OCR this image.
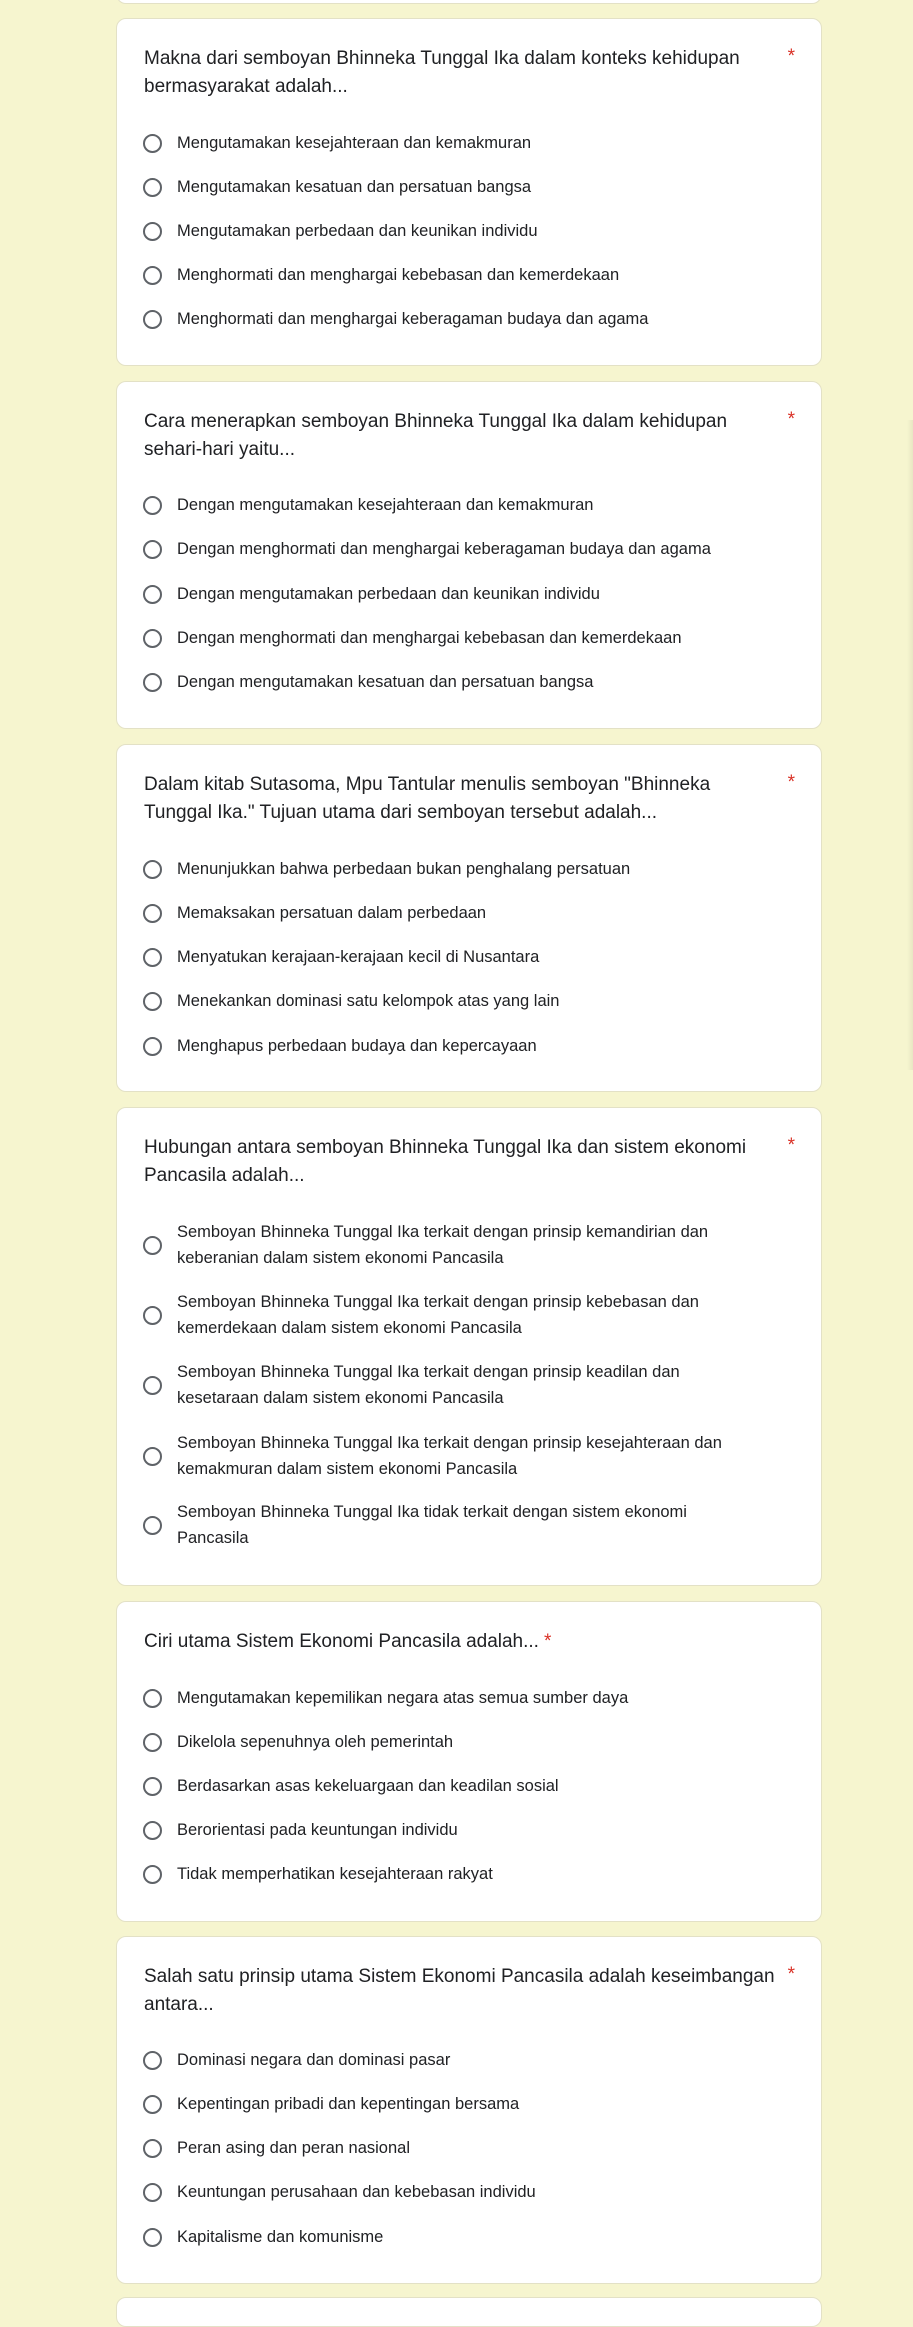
*
Makna dari semboyan Bhinneka Tunggal Ika dalam konteks kehidupan
bermasyarakat adalah...
Mengutamakan kesejahteraan dan kemakmuran
Mengutamakan kesatuan dan persatuan bangsa
Mengutamakan perbedaan dan keunikan individu
Menghormati dan menghargai kebebasan dan kemerdekaan
Menghormati dan menghargai keberagaman budaya dan agama
*
Cara menerapkan semboyan Bhinneka Tunggal Ika dalam kehidupan
sehari-hari yaitu...
Dengan mengutamakan kesejahteraan dan kemakmuran
Dengan menghormati dan menghargai keberagaman budaya dan agama
Dengan mengutamakan perbedaan dan keunikan individu
Dengan menghormati dan menghargai kebebasan dan kemerdekaan
Dengan mengutamakan kesatuan dan persatuan bangsa
*
Dalam kitab Sutasoma, Mpu Tantular menulis semboyan "Bhinneka
Tunggal Ika." Tujuan utama dari semboyan tersebut adalah...
Menunjukkan bahwa perbedaan bukan penghalang persatuan
Memaksakan persatuan dalam perbedaan
Menyatukan kerajaan-kerajaan kecil di Nusantara
Menekankan dominasi satu kelompok atas yang lain
Menghapus perbedaan budaya dan kepercayaan
*
Hubungan antara semboyan Bhinneka Tunggal Ika dan sistem ekonomi
Pancasila adalah...
Semboyan Bhinneka Tunggal Ika terkait dengan prinsip kemandirian dan
keberanian dalam sistem ekonomi Pancasila
Semboyan Bhinneka Tunggal Ika terkait dengan prinsip kebebasan dan
kemerdekaan dalam sistem ekonomi Pancasila
Semboyan Bhinneka Tunggal Ika terkait dengan prinsip keadilan dan
kesetaraan dalam sistem ekonomi Pancasila
Semboyan Bhinneka Tunggal Ika terkait dengan prinsip kesejahteraan dan
kemakmuran dalam sistem ekonomi Pancasila
Semboyan Bhinneka Tunggal Ika tidak terkait dengan sistem ekonomi
Pancasila
Ciri utama Sistem Ekonomi Pancasila adalah... *
Mengutamakan kepemilikan negara atas semua sumber daya
Dikelola sepenuhnya oleh pemerintah
Berdasarkan asas kekeluargaan dan keadilan sosial
Berorientasi pada keuntungan individu
Tidak memperhatikan kesejahteraan rakyat
*
Salah satu prinsip utama Sistem Ekonomi Pancasila adalah keseimbangan
antara...
Dominasi negara dan dominasi pasar
Kepentingan pribadi dan kepentingan bersama
Peran asing dan peran nasional
Keuntungan perusahaan dan kebebasan individu
Kapitalisme dan komunisme
